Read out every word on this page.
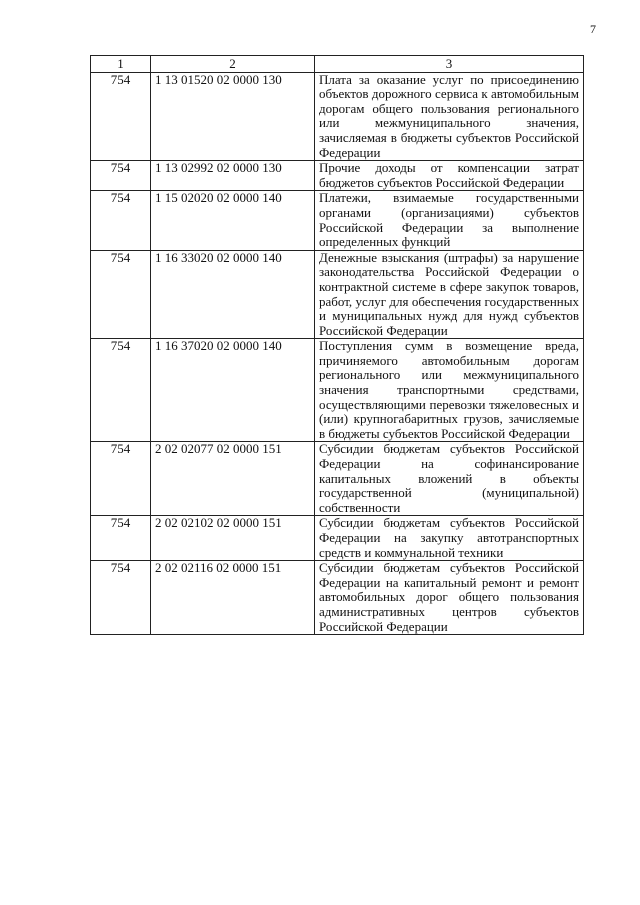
7
1	2	3
754	1 13 01520 02 0000 130	Плата за оказание услуг по присоединению объектов дорожного сервиса к автомобильным дорогам общего пользования регионального или межмуниципального значения, зачисляемая в бюджеты субъектов Российской Федерации
754	1 13 02992 02 0000 130	Прочие доходы от компенсации затрат бюджетов субъектов Российской Федерации
754	1 15 02020 02 0000 140	Платежи, взимаемые государственными органами (организациями) субъектов Российской Федерации за выполнение определенных функций
754	1 16 33020 02 0000 140	Денежные взыскания (штрафы) за нарушение законодательства Российской Федерации о контрактной системе в сфере закупок товаров, работ, услуг для обеспечения государственных и муниципальных нужд для нужд субъектов Российской Федерации
754	1 16 37020 02 0000 140	Поступления сумм в возмещение вреда, причиняемого автомобильным дорогам регионального или межмуниципального значения транспортными средствами, осуществляющими перевозки тяжеловесных и (или) крупногабаритных грузов, зачисляемые в бюджеты субъектов Российской Федерации
754	2 02 02077 02 0000 151	Субсидии бюджетам субъектов Российской Федерации на софинансирование капитальных вложений в объекты государственной (муниципальной) собственности
754	2 02 02102 02 0000 151	Субсидии бюджетам субъектов Российской Федерации на закупку автотранспортных средств и коммунальной техники
754	2 02 02116 02 0000 151	Субсидии бюджетам субъектов Российской Федерации на капитальный ремонт и ремонт автомобильных дорог общего пользования административных центров субъектов Российской Федерации
